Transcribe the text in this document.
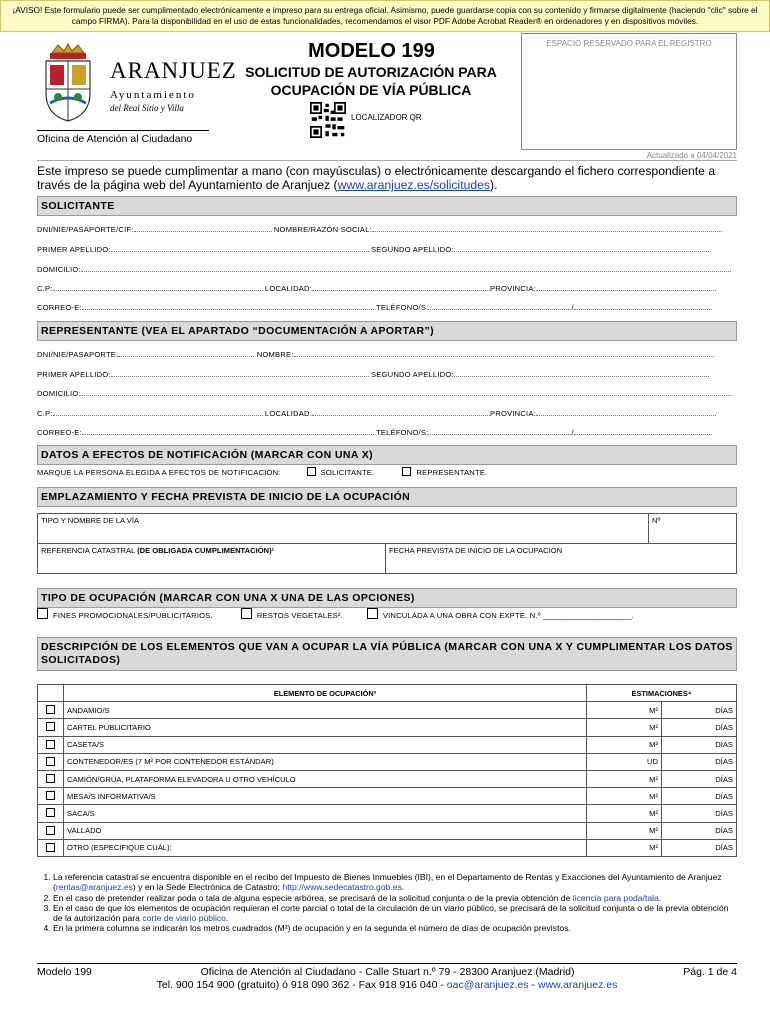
¡AVISO! Este formulario puede ser cumplimentado electrónicamente e impreso para su entrega oficial. Asimismo, puede guardarse copia con su contenido y firmarse digitalmente (haciendo "clic" sobre el campo FIRMA). Para la disponibilidad en el uso de estas funcionalidades, recomendamos el visor PDF Adobe Acrobat Reader® en ordenadores y en dispositivos móviles.
ARANJUEZ
Ayuntamiento
del Real Sitio y Villa
Oficina de Atención al Ciudadano
MODELO 199
SOLICITUD DE AUTORIZACIÓN PARA
OCUPACIÓN DE VÍA PÚBLICA
LOCALIZADOR QR
ESPACIO RESERVADO PARA EL REGISTRO
Actualizado a 04/04/2021
Este impreso se puede cumplimentar a mano (con mayúsculas) o electrónicamente descargando el fichero correspondiente a través de la página web del Ayuntamiento de Aranjuez (www.aranjuez.es/solicitudes).
SOLICITANTE
DNI/NIE/PASAPORTE/CIF:	NOMBRE/RAZÓN SOCIAL:
PRIMER APELLIDO:	SEGUNDO APELLIDO:
DOMICILIO:
C.P:	LOCALIDAD:	PROVINCIA:
CORREO-E:	TELÉFONO/S:	/
REPRESENTANTE (VEA EL APARTADO “DOCUMENTACIÓN A APORTAR”)
DNI/NIE/PASAPORTE:	NOMBRE:
PRIMER APELLIDO:	SEGUNDO APELLIDO:
DOMICILIO:
C.P:	LOCALIDAD:	PROVINCIA:
CORREO-E:	TELÉFONO/S:	/
DATOS A EFECTOS DE NOTIFICACIÓN (MARCAR CON UNA X)
MARQUE LA PERSONA ELEGIDA A EFECTOS DE NOTIFICACIÓN:	SOLICITANTE.	REPRESENTANTE.
EMPLAZAMIENTO Y FECHA PREVISTA DE INICIO DE LA OCUPACIÓN
TIPO Y NOMBRE DE LA VÍA		Nº
REFERENCIA CATASTRAL (DE OBLIGADA CUMPLIMENTACIÓN)¹	FECHA PREVISTA DE INICIO DE LA OCUPACIÓN	
TIPO DE OCUPACIÓN (MARCAR CON UNA X UNA DE LAS OPCIONES)
FINES PROMOCIONALES/PUBLICITARIOS.	RESTOS VEGETALES².	VINCULADA A UNA OBRA CON EXPTE. N.º ____________________.
DESCRIPCIÓN DE LOS ELEMENTOS QUE VAN A OCUPAR LA VÍA PÚBLICA (MARCAR CON UNA X Y CUMPLIMENTAR LOS DATOS SOLICITADOS)
	ELEMENTO DE OCUPACIÓN³	ESTIMACIONES⁴	
	ANDAMIO/S	M²	DÍAS
	CARTEL PUBLICITARIO	M²	DÍAS
	CASETA/S	M²	DÍAS
	CONTENEDOR/ES (7 M² POR CONTENEDOR ESTÁNDAR)	UD	DÍAS
	CAMIÓN/GRÚA, PLATAFORMA ELEVADORA U OTRO VEHÍCULO	M²	DÍAS
	MESA/S INFORMATIVA/S	M²	DÍAS
	SACA/S	M²	DÍAS
	VALLADO	M²	DÍAS
	OTRO (ESPECIFIQUE CUÁL):	M²	DÍAS
1. La referencia catastral se encuentra disponible en el recibo del Impuesto de Bienes Inmuebles (IBI), en el Departamento de Rentas y Exacciones del Ayuntamiento de Aranjuez (rentas@aranjuez.es) y en la Sede Electrónica de Catastro: http://www.sedecatastro.gob.es.
2. En el caso de pretender realizar poda o tala de alguna especie arbórea, se precisará de la solicitud conjunta o de la previa obtención de licencia para poda/tala.
3. En el caso de que los elementos de ocupación requieran el corte parcial o total de la circulación de un viario público, se precisará de la solicitud conjunta o de la previa obtención de la autorización para corte de viario público.
4. En la primera columna se indicarán los metros cuadrados (M²) de ocupación y en la segunda el número de días de ocupación previstos.
Modelo 199	Oficina de Atención al Ciudadano - Calle Stuart n.º 79 - 28300 Aranjuez (Madrid)	Pág. 1 de 4
Tel. 900 154 900 (gratuito) ó 918 090 362 - Fax 918 916 040 - oac@aranjuez.es - www.aranjuez.es
